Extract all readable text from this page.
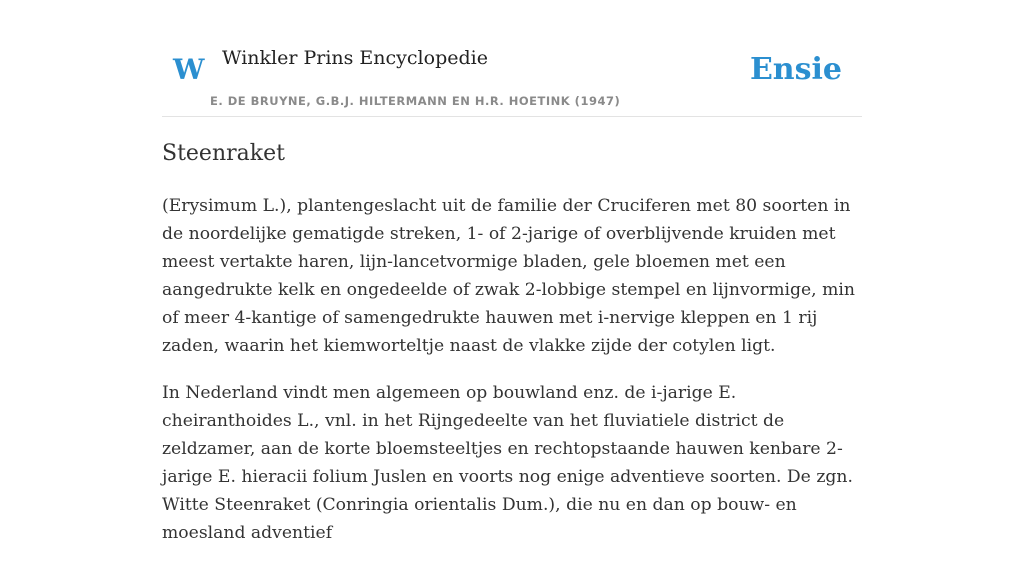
W Winkler Prins Encyclopedie
E. DE BRUYNE, G.B.J. HILTERMANN EN H.R. HOETINK (1947)
Ensie
Steenraket

(Erysimum L.), plantengeslacht uit de familie der Cruciferen met 80 soorten in de noordelijke gematigde streken, 1- of 2-jarige of overblijvende kruiden met meest vertakte haren, lijn-lancetvormige bladen, gele bloemen met een aangedrukte kelk en ongedeelde of zwak 2-lobbige stempel en lijnvormige, min of meer 4-kantige of samengedrukte hauwen met i-nervige kleppen en 1 rij zaden, waarin het kiemworteltje naast de vlakke zijde der cotylen ligt.

In Nederland vindt men algemeen op bouwland enz. de i-jarige E. cheiranthoides L., vnl. in het Rijngedeelte van het fluviatiele district de zeldzamer, aan de korte bloemsteeltjes en rechtopstaande hauwen kenbare 2-jarige E. hieracii folium Juslen en voorts nog enige adventieve soorten. De zgn. Witte Steenraket (Conringia orientalis Dum.), die nu en dan op bouw- en moesland adventief
